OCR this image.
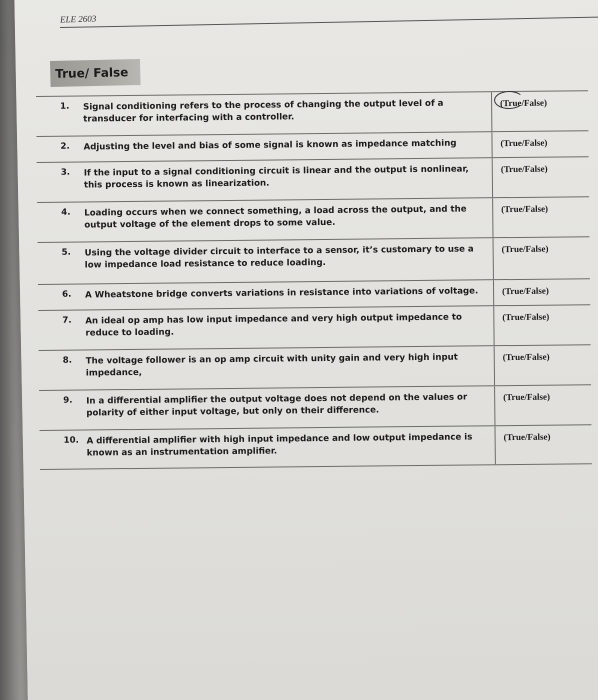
ELE 2603
True/ False
1. Signal conditioning refers to the process of changing the output level of a transducer for interfacing with a controller.
(True/False)
2. Adjusting the level and bias of some signal is known as impedance matching	(True/False)
3. If the input to a signal conditioning circuit is linear and the output is nonlinear, this process is known as linearization.
(True/False)
4. Loading occurs when we connect something, a load across the output, and the output voltage of the element drops to some value.
(True/False)
5. Using the voltage divider circuit to interface to a sensor, it’s customary to use a low impedance load resistance to reduce loading.
(True/False)
6. A Wheatstone bridge converts variations in resistance into variations of voltage.	(True/False)
7. An ideal op amp has low input impedance and very high output impedance to reduce to loading.
(True/False)
8. The voltage follower is an op amp circuit with unity gain and very high input impedance,
(True/False)
9. In a differential amplifier the output voltage does not depend on the values or polarity of either input voltage, but only on their difference.
(True/False)
10. A differential amplifier with high input impedance and low output impedance is known as an instrumentation amplifier.
(True/False)
